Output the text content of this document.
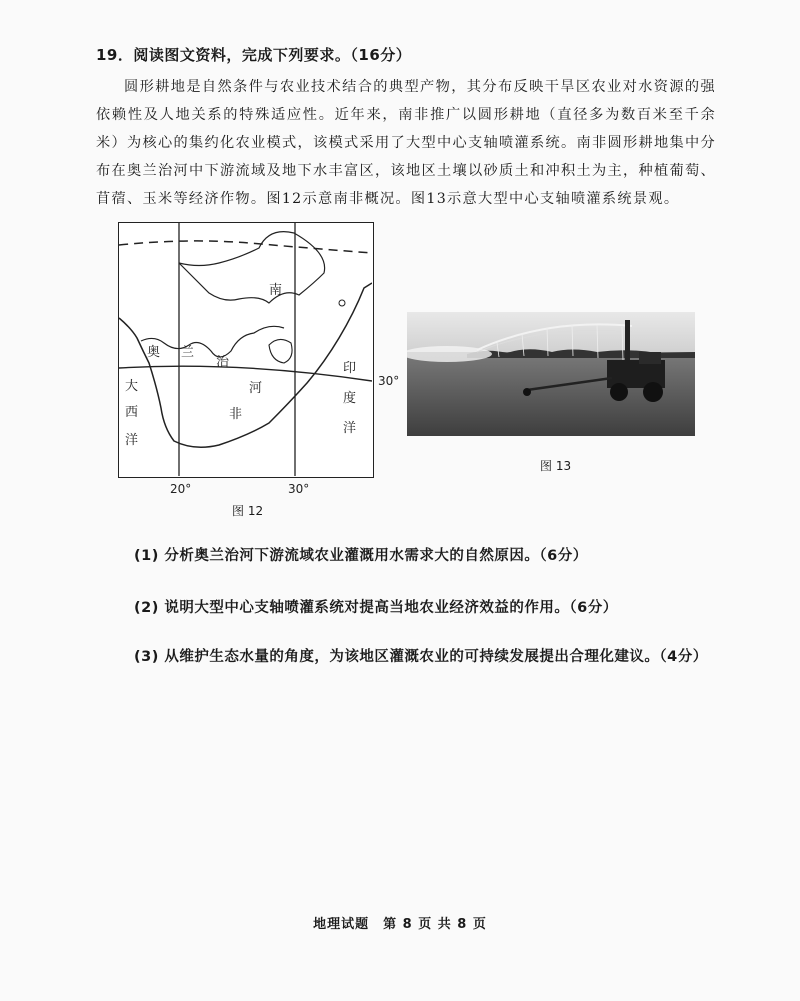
19．阅读图文资料，完成下列要求。（16分）
圆形耕地是自然条件与农业技术结合的典型产物，其分布反映干旱区农业对水资源的强依赖性及人地关系的特殊适应性。近年来，南非推广以圆形耕地（直径多为数百米至千余米）为核心的集约化农业模式，该模式采用了大型中心支轴喷灌系统。南非圆形耕地集中分布在奥兰治河中下游流域及地下水丰富区，该地区土壤以砂质土和冲积土为主，种植葡萄、苜蓿、玉米等经济作物。图12示意南非概况。图13示意大型中心支轴喷灌系统景观。
南
奥 兰
治
河
非
大
西
洋
印
度
洋
30°
20°	30°
图 12
图 13
(1) 分析奥兰治河下游流域农业灌溉用水需求大的自然原因。（6分）
(2) 说明大型中心支轴喷灌系统对提高当地农业经济效益的作用。（6分）
(3) 从维护生态水量的角度，为该地区灌溉农业的可持续发展提出合理化建议。（4分）
地理试题　第 8 页 共 8 页
